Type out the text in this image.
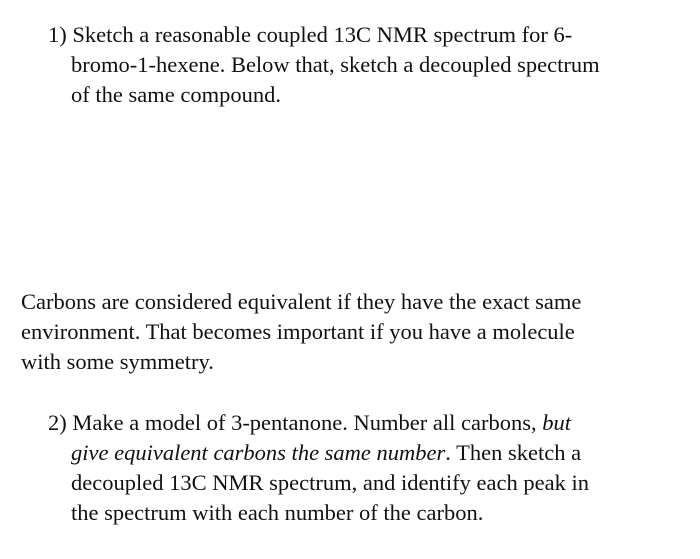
1) Sketch a reasonable coupled 13C NMR spectrum for 6-
bromo-1-hexene. Below that, sketch a decoupled spectrum
of the same compound.
Carbons are considered equivalent if they have the exact same
environment. That becomes important if you have a molecule
with some symmetry.
2) Make a model of 3-pentanone. Number all carbons, but
give equivalent carbons the same number. Then sketch a
decoupled 13C NMR spectrum, and identify each peak in
the spectrum with each number of the carbon.
